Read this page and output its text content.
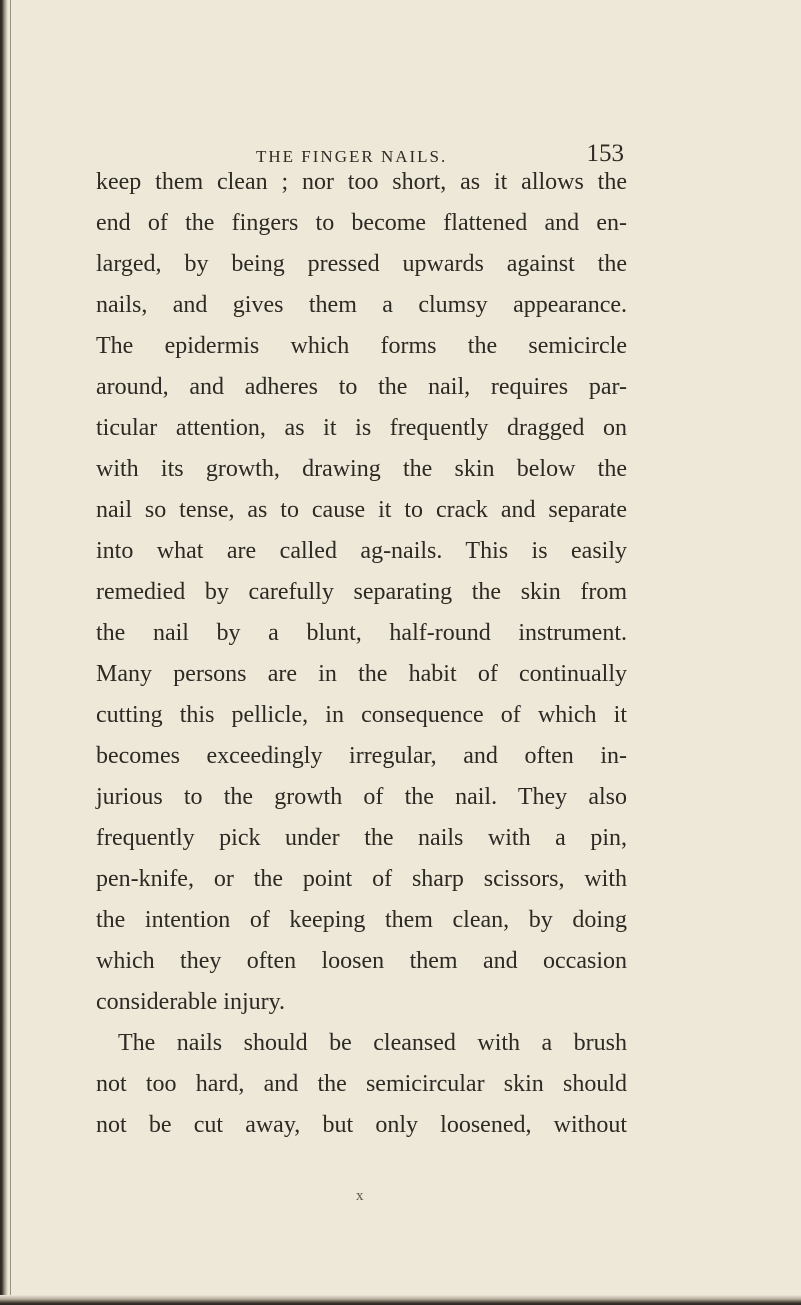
THE FINGER NAILS.	153
keep them clean ; nor too short, as it allows the
end of the fingers to become flattened and en-
larged, by being pressed upwards against the
nails, and gives them a clumsy appearance.
The epidermis which forms the semicircle
around, and adheres to the nail, requires par-
ticular attention, as it is frequently dragged on
with its growth, drawing the skin below the
nail so tense, as to cause it to crack and separate
into what are called ag-nails. This is easily
remedied by carefully separating the skin from
the nail by a blunt, half-round instrument.
Many persons are in the habit of continually
cutting this pellicle, in consequence of which it
becomes exceedingly irregular, and often in-
jurious to the growth of the nail. They also
frequently pick under the nails with a pin,
pen-knife, or the point of sharp scissors, with
the intention of keeping them clean, by doing
which they often loosen them and occasion
considerable injury.
The nails should be cleansed with a brush
not too hard, and the semicircular skin should
not be cut away, but only loosened, without
x
